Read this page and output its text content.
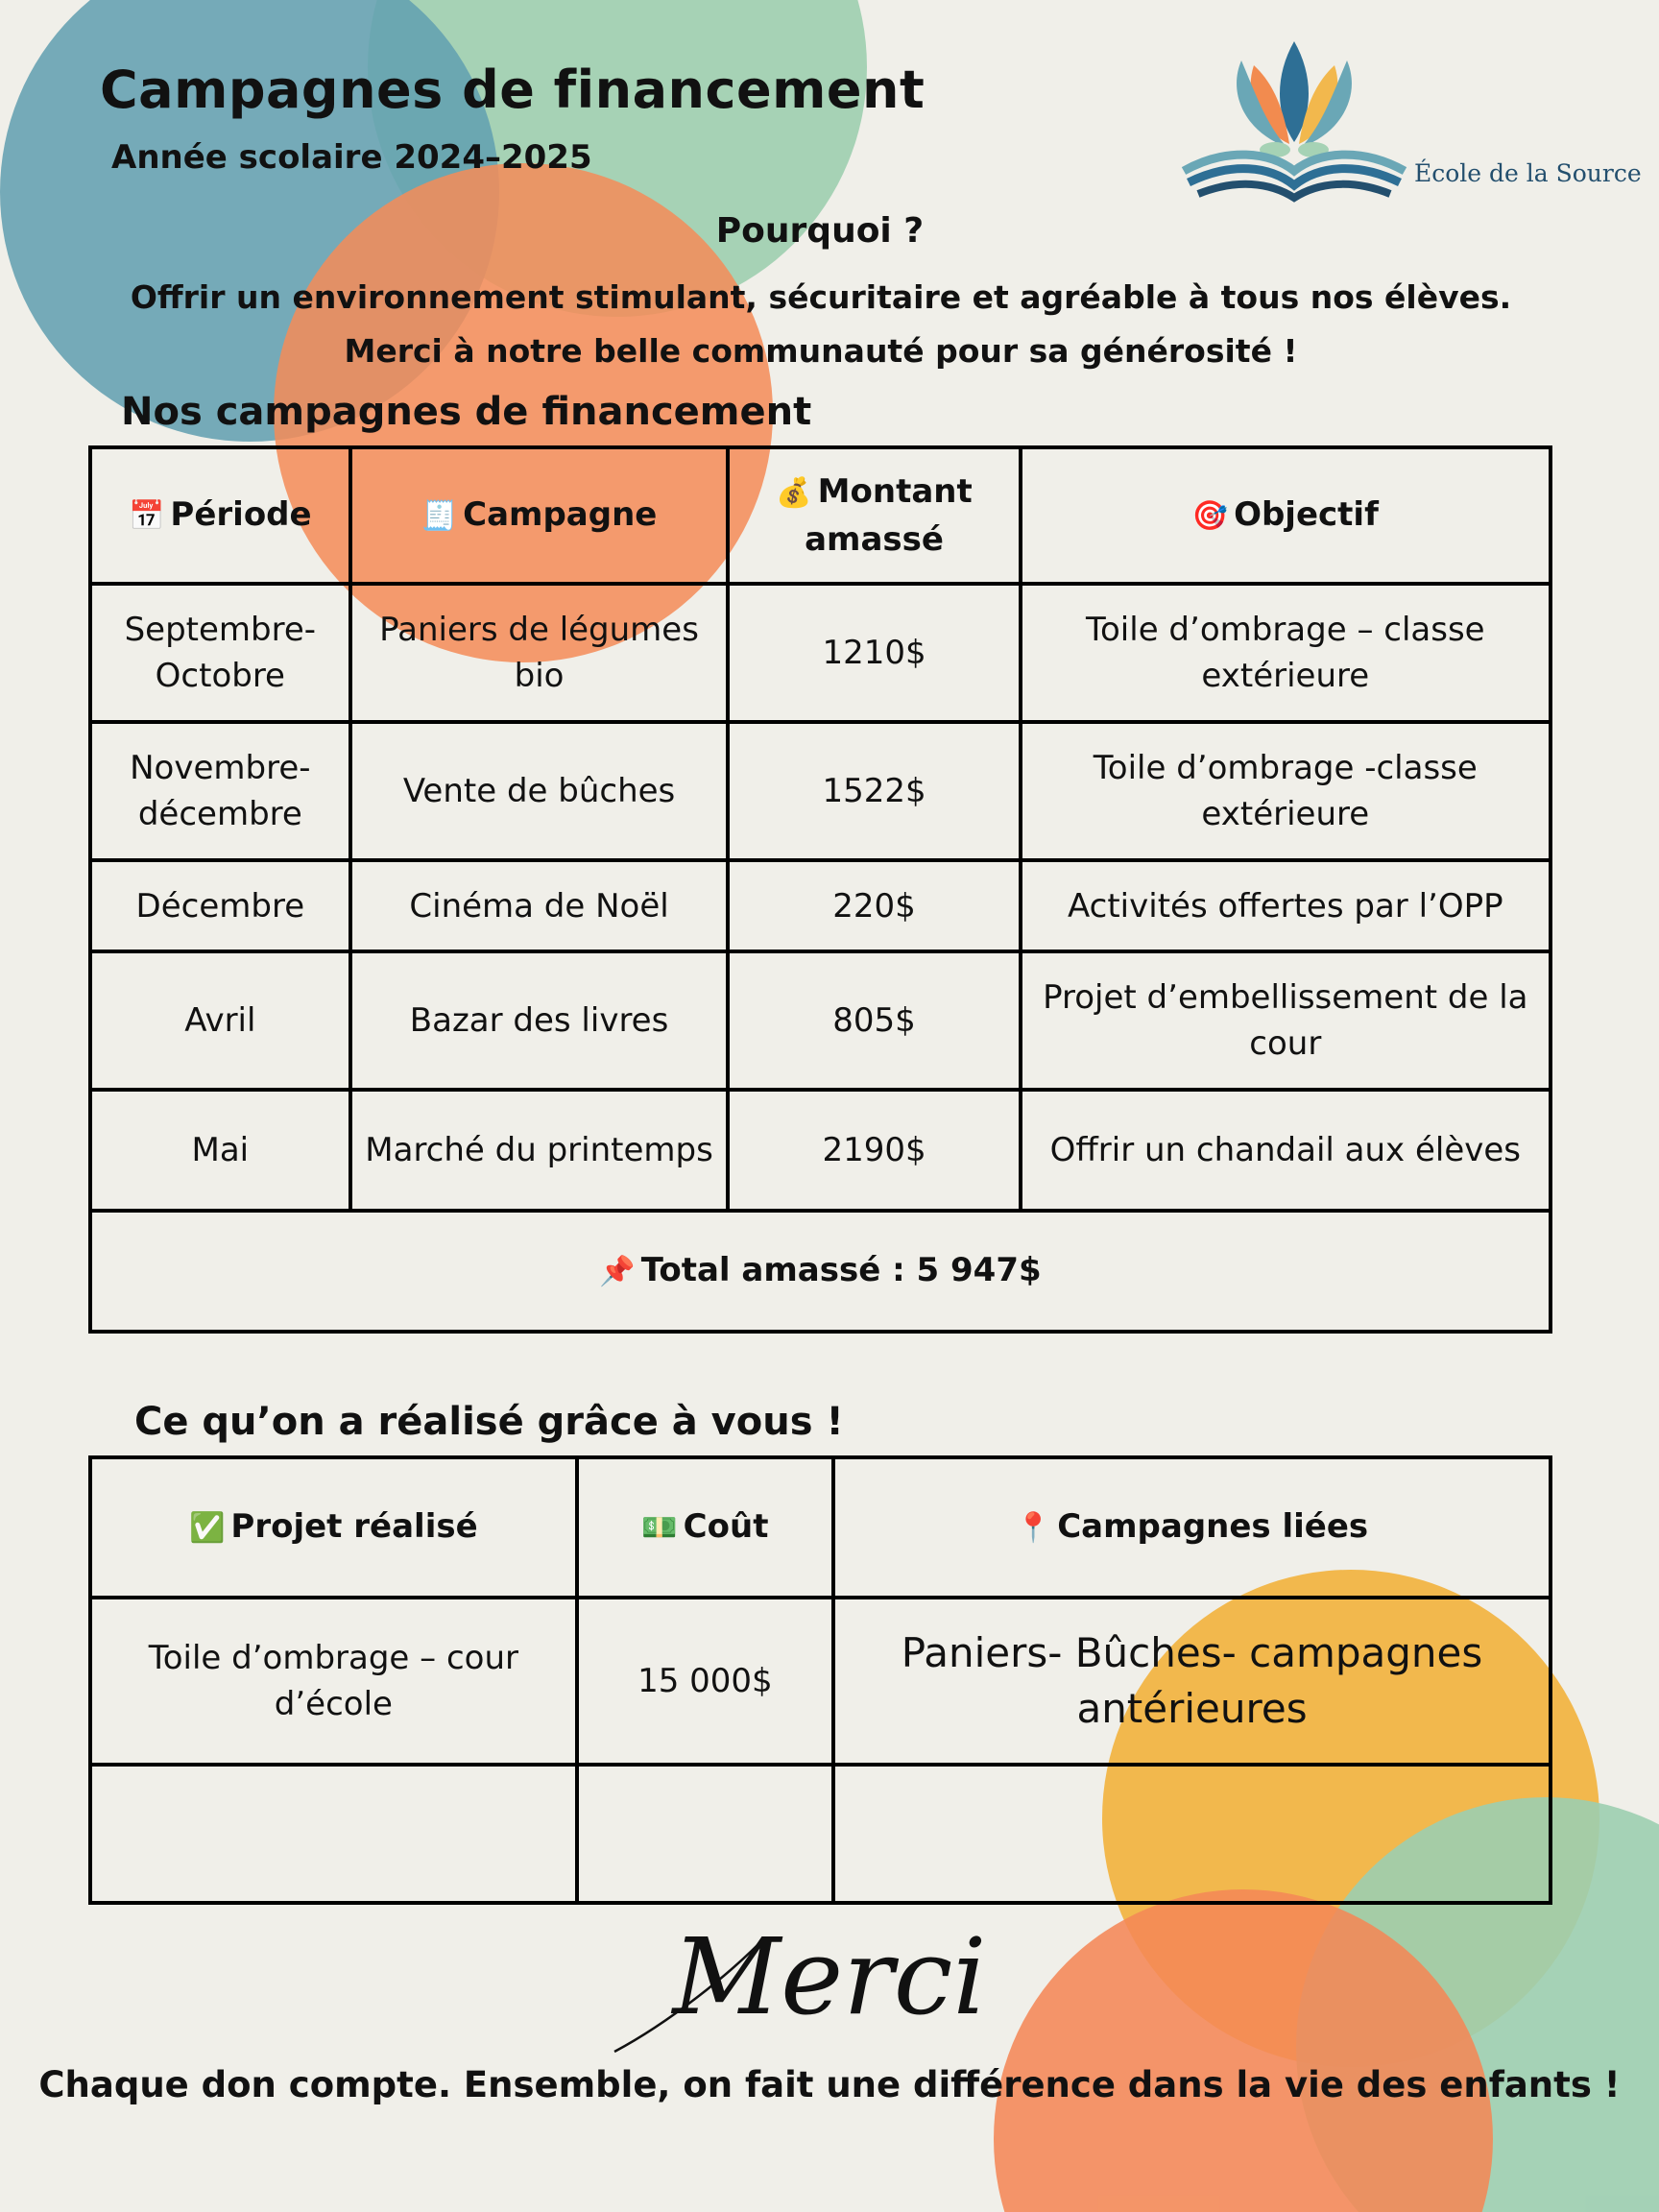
Campagnes de financement
Année scolaire 2024–2025	École de la Source
Pourquoi ?
Offrir un environnement stimulant, sécuritaire et agréable à tous nos élèves. Merci à notre belle communauté pour sa générosité !
Nos campagnes de financement
📅 Période	🧾 Campagne	💰 Montant amassé	🎯 Objectif
Septembre-Octobre	Paniers de légumes bio	1210$	Toile d’ombrage – classe extérieure
Novembre-décembre	Vente de bûches	1522$	Toile d’ombrage -classe extérieure
Décembre	Cinéma de Noël	220$	Activités offertes par l’OPP
Avril	Bazar des livres	805$	Projet d’embellissement de la cour
Mai	Marché du printemps	2190$	Offrir un chandail aux élèves
📌 Total amassé : 5 947$			
Ce qu’on a réalisé grâce à vous !
✅ Projet réalisé	💵 Coût	📍 Campagnes liées
Toile d’ombrage – cour d’école	15 000$	Paniers- Bûches- campagnes antérieures

Merci
Chaque don compte. Ensemble, on fait une différence dans la vie des enfants !
